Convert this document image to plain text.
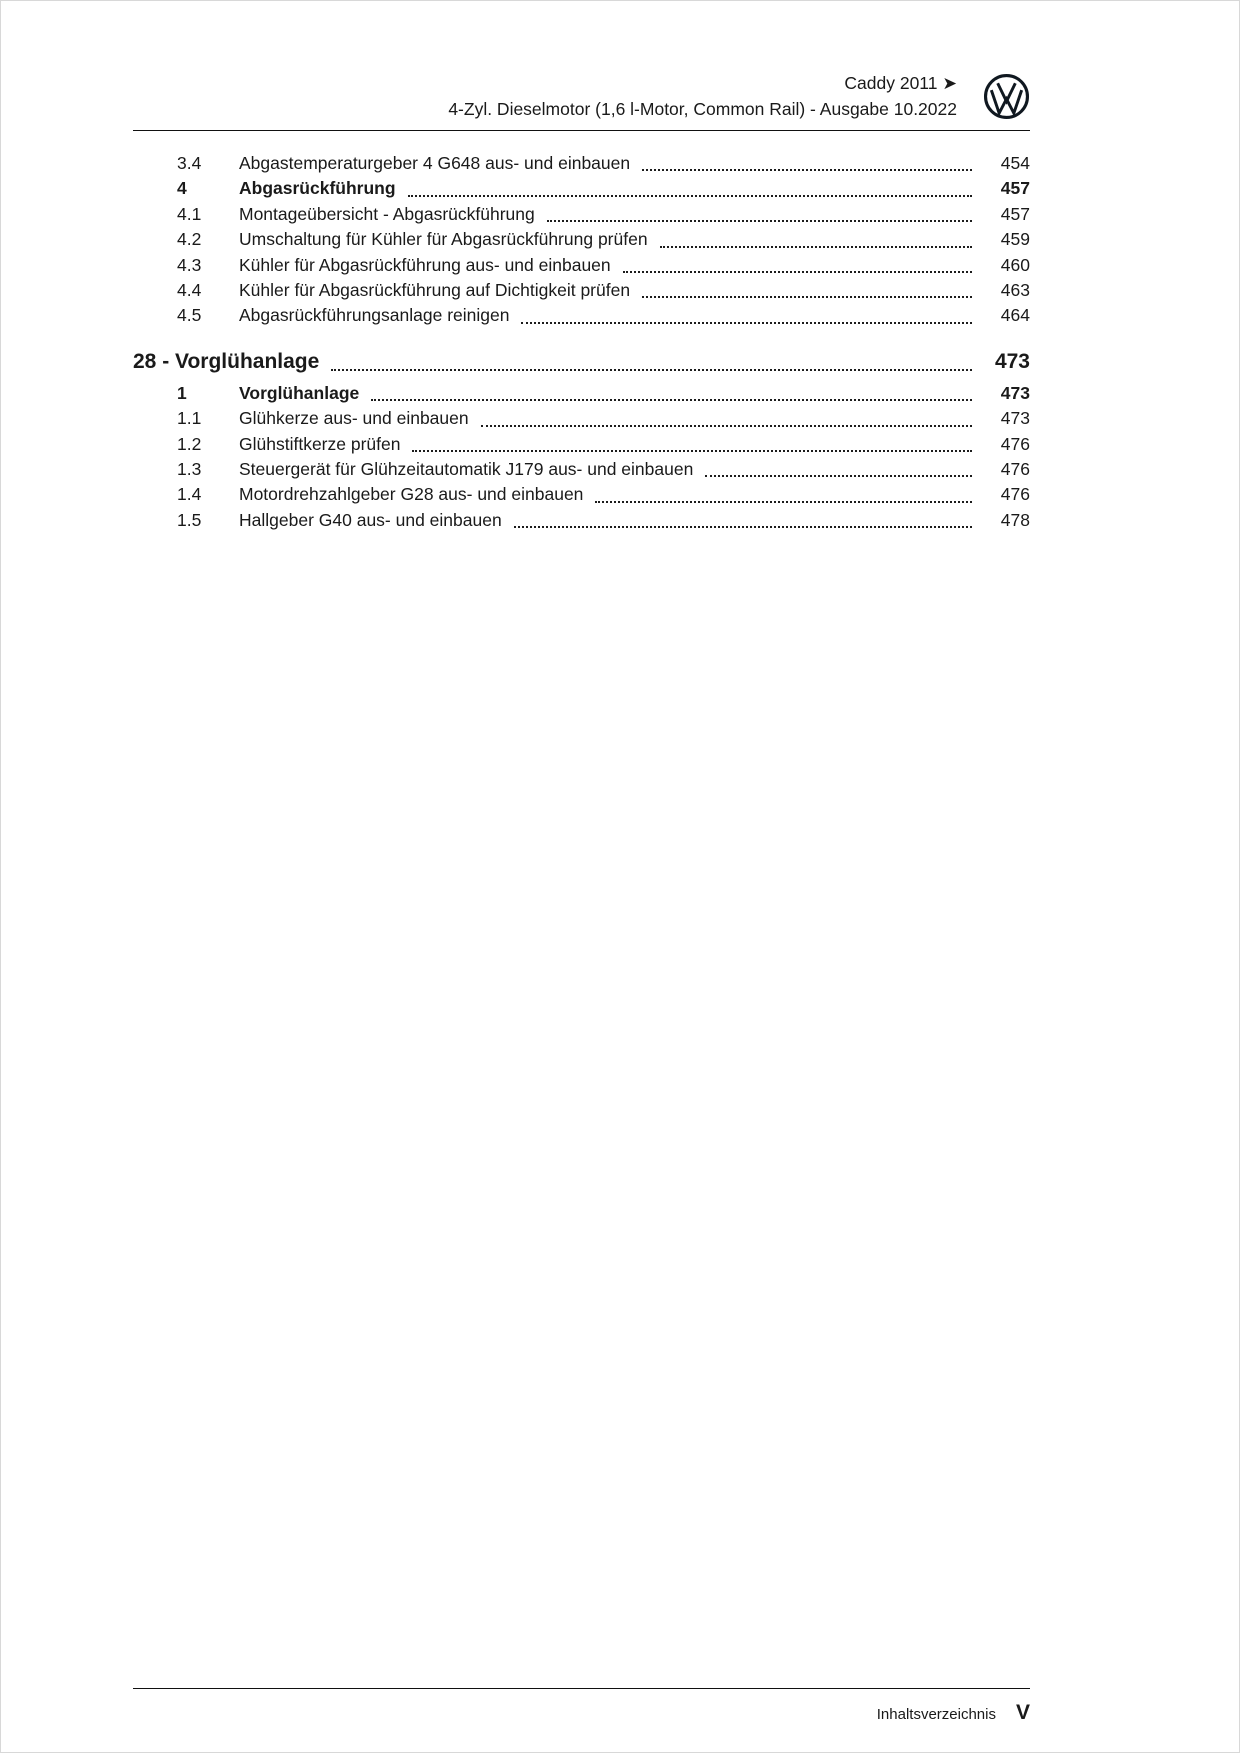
Caddy 2011 ➤
4-Zyl. Dieselmotor (1,6 l-Motor, Common Rail) - Ausgabe 10.2022
3.4	Abgastemperaturgeber 4 G648 aus- und einbauen	454
4	Abgasrückführung	457
4.1	Montageübersicht - Abgasrückführung	457
4.2	Umschaltung für Kühler für Abgasrückführung prüfen	459
4.3	Kühler für Abgasrückführung aus- und einbauen	460
4.4	Kühler für Abgasrückführung auf Dichtigkeit prüfen	463
4.5	Abgasrückführungsanlage reinigen	464
28 - Vorglühanlage	473
1	Vorglühanlage	473
1.1	Glühkerze aus- und einbauen	473
1.2	Glühstiftkerze prüfen	476
1.3	Steuergerät für Glühzeitautomatik J179 aus- und einbauen	476
1.4	Motordrehzahlgeber G28 aus- und einbauen	476
1.5	Hallgeber G40 aus- und einbauen	478
Inhaltsverzeichnis V
